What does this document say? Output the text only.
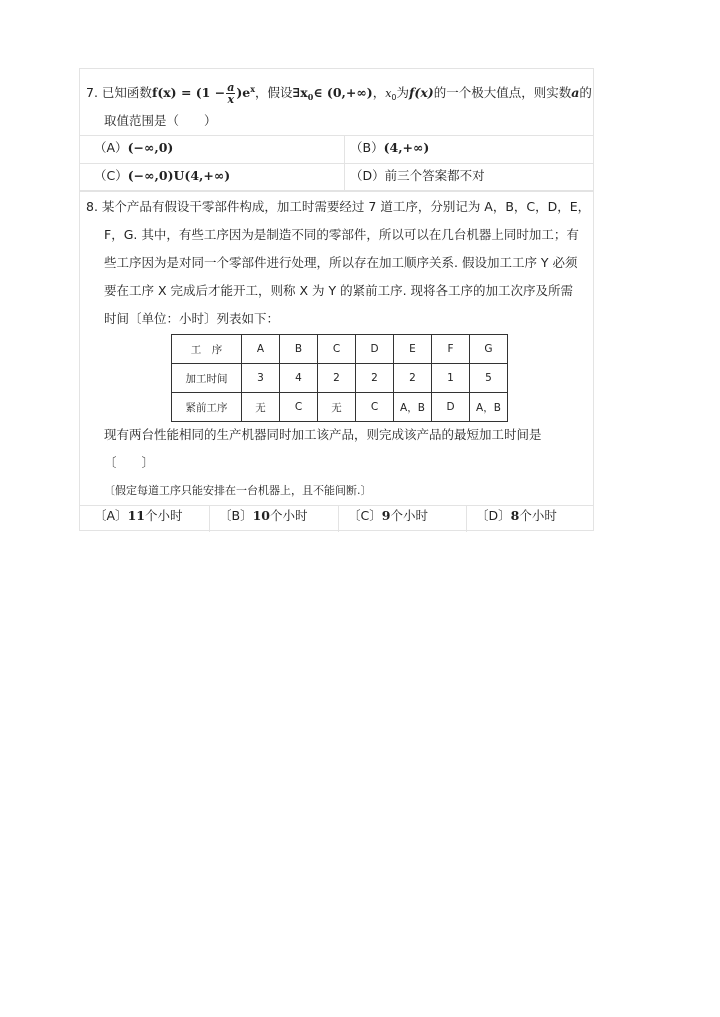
7. 已知函数$f(x) = (1 - \frac{a}{x} )e^x$，假设$\exists x_0\in$ (0,+∞)，$x_0$为f(x)的一个极大值点，则实数a的
取值范围是（　　）
（A）(−∞,0)	（B）(4,+∞)
（C）(−∞,0)U(4,+∞)	（D）前三个答案都不对
8. 某个产品有假设干零部件构成，加工时需要经过 7 道工序，分别记为 A，B，C，D，E，
F，G. 其中，有些工序因为是制造不同的零部件，所以可以在几台机器上同时加工；有
些工序因为是对同一个零部件进行处理，所以存在加工顺序关系. 假设加工工序 Y 必须
要在工序 X 完成后才能开工，则称 X 为 Y 的紧前工序. 现将各工序的加工次序及所需
时间〔单位：小时〕列表如下：
工　序	A	B	C	D	E	F	G
加工时间	3	4	2	2	2	1	5
紧前工序	无	C	无	C	A，B	D	A，B
现有两台性能相同的生产机器同时加工该产品，则完成该产品的最短加工时间是
〔　　〕
〔假定每道工序只能安排在一台机器上，且不能间断.〕
〔A〕11个小时	〔B〕10个小时	〔C〕9个小时	〔D〕8个小时
